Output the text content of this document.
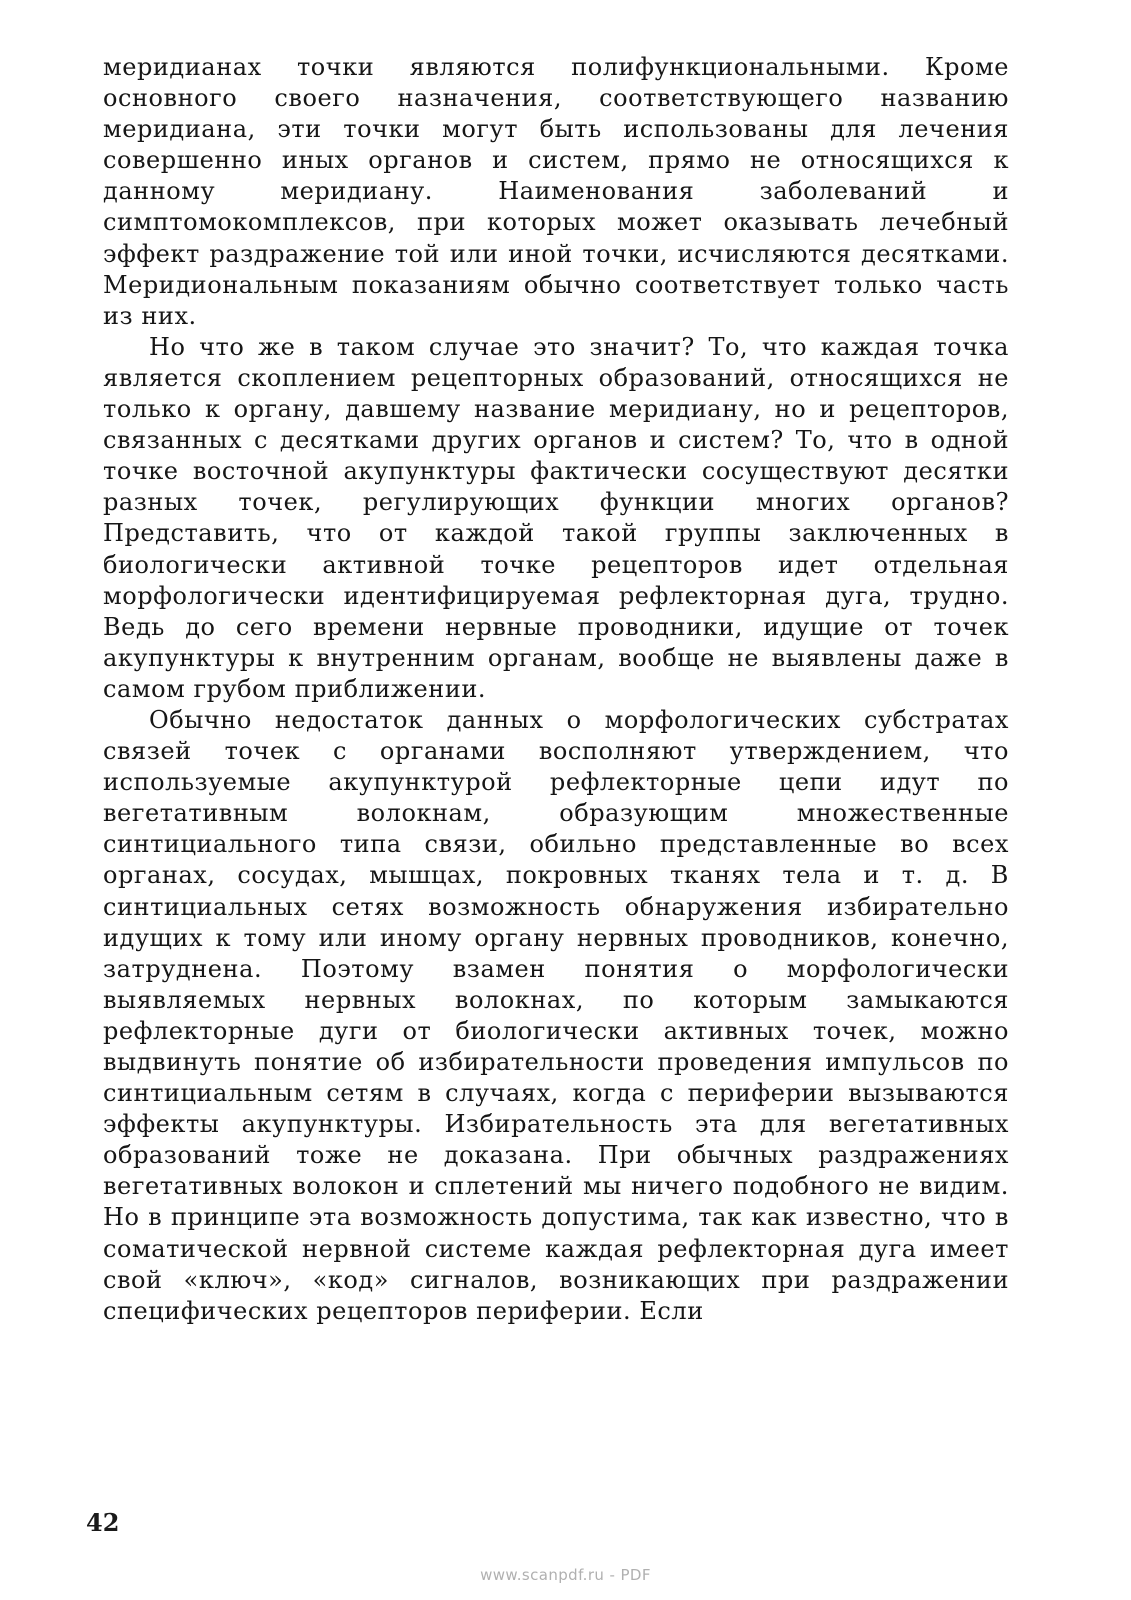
меридианах точки являются полифункциональными. Кроме основного своего назначения, соответствующего названию меридиана, эти точки могут быть использованы для лечения совершенно иных органов и систем, прямо не относящихся к данному меридиану. Наименования заболеваний и симптомокомплексов, при которых может оказывать лечебный эффект раздражение той или иной точки, исчисляются десятками. Меридиональным показаниям обычно соответствует только часть из них.

Но что же в таком случае это значит? То, что каждая точка является скоплением рецепторных образований, относящихся не только к органу, давшему название меридиану, но и рецепторов, связанных с десятками других органов и систем? То, что в одной точке восточной акупунктуры фактически сосуществуют десятки разных точек, регулирующих функции многих органов? Представить, что от каждой такой группы заключенных в биологически активной точке рецепторов идет отдельная морфологически идентифицируемая рефлекторная дуга, трудно. Ведь до сего времени нервные проводники, идущие от точек акупунктуры к внутренним органам, вообще не выявлены даже в самом грубом приближении.

Обычно недостаток данных о морфологических субстратах связей точек с органами восполняют утверждением, что используемые акупунктурой рефлекторные цепи идут по вегетативным волокнам, образующим множественные синтициального типа связи, обильно представленные во всех органах, сосудах, мышцах, покровных тканях тела и т. д. В синтициальных сетях возможность обнаружения избирательно идущих к тому или иному органу нервных проводников, конечно, затруднена. Поэтому взамен понятия о морфологически выявляемых нервных волокнах, по которым замыкаются рефлекторные дуги от биологически активных точек, можно выдвинуть понятие об избирательности проведения импульсов по синтициальным сетям в случаях, когда с периферии вызываются эффекты акупунктуры. Избирательность эта для вегетативных образований тоже не доказана. При обычных раздражениях вегетативных волокон и сплетений мы ничего подобного не видим. Но в принципе эта возможность допустима, так как известно, что в соматической нервной системе каждая рефлекторная дуга имеет свой «ключ», «код» сигналов, возникающих при раздражении специфических рецепторов периферии. Если

42
www.scanpdf.ru - PDF
